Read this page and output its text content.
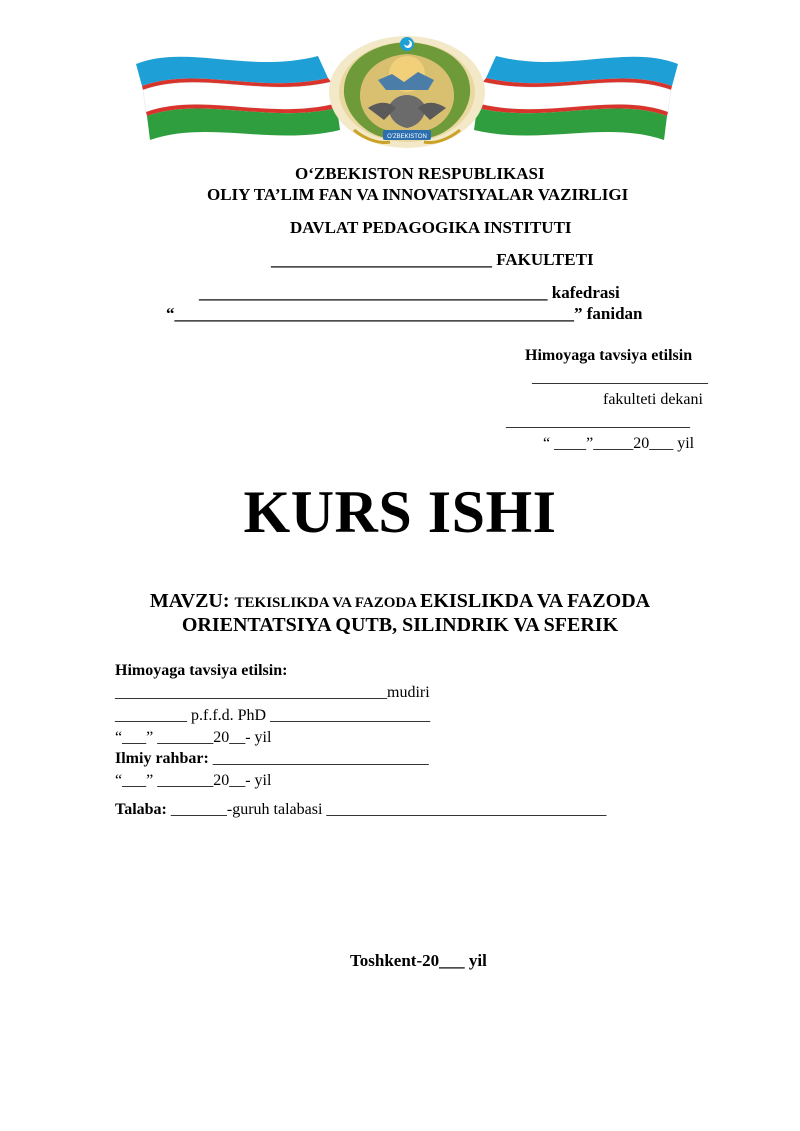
O'ZBEKISTON
O‘ZBEKISTON RESPUBLIKASI
OLIY TA’LIM FAN VA INNOVATSIYALAR VAZIRLIGI
DAVLAT PEDAGOGIKA INSTITUTI
__________________________ FAKULTETI
_________________________________________ kafedrasi
“_______________________________________________” fanidan
Himoyaga tavsiya etilsin
______________________
fakulteti dekani
_______________________
“ ____”_____20___ yil
KURS ISHI
MAVZU: TEKISLIKDA VA FAZODA EKISLIKDA VA FAZODA
ORIENTATSIYA QUTB, SILINDRIK VA SFERIK
Himoyaga tavsiya etilsin:
__________________________________mudiri
_________ p.f.f.d. PhD ____________________
“___” _______20__- yil
Ilmiy rahbar: ___________________________
“___” _______20__- yil
Talaba: _______-guruh talabasi ___________________________________
Toshkent-20___ yil
